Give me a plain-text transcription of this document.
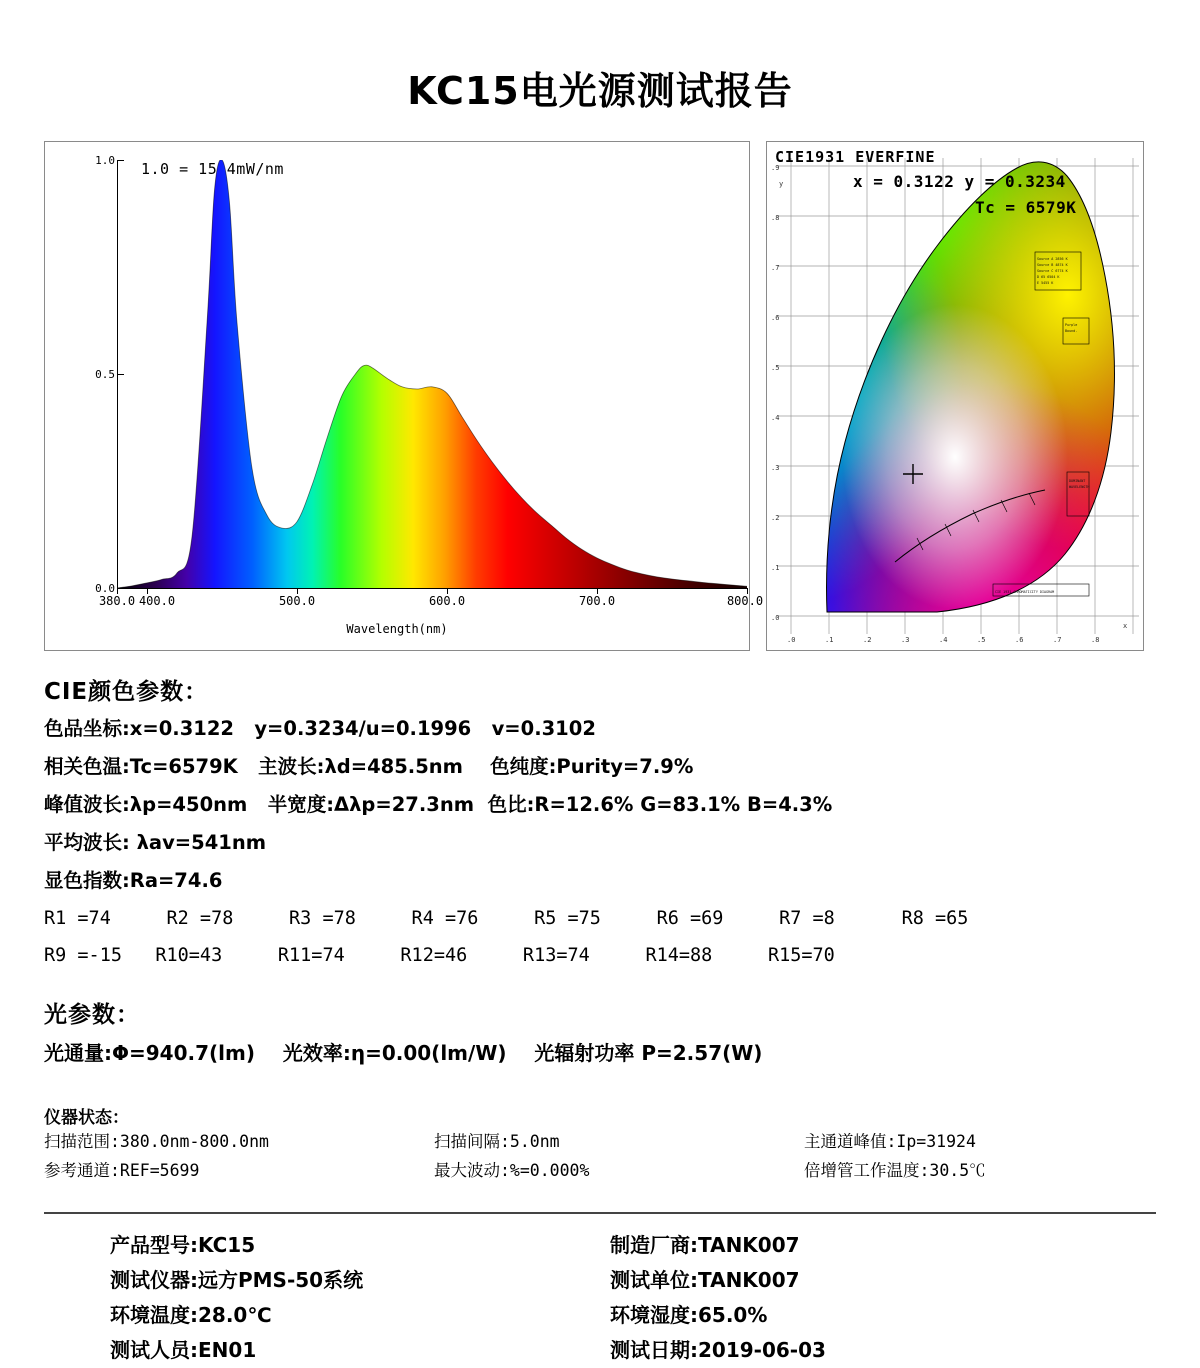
KC15电光源测试报告
1.0 = 15.4mW/nm
1.0
0.5
0.0
380.0 400.0	500.0	600.0	700.0	800.0
Wavelength(nm)
.0	.1	.2	.3	.4	.5	.6	.7	.8
.0
.1
.2
.3
.4
.5
.6
.7
.8
.9
y
x
Source A 2856 K
Source B 4874 K
Source C 6774 K
D 65 6504 K
E 5455 K
Purple
Bound.
DOMINANT
WAVELENGTH
CIE 1931 CHROMATICITY DIAGRAM
CIE1931 EVERFINE
x = 0.3122 y = 0.3234
Tc = 6579K
CIE颜色参数：
色品坐标:x=0.3122   y=0.3234/u=0.1996   v=0.3102
相关色温:Tc=6579K   主波长:λd=485.5nm    色纯度:Purity=7.9%
峰值波长:λp=450nm   半宽度:Δλp=27.3nm  色比:R=12.6% G=83.1% B=4.3%
平均波长: λav=541nm
显色指数:Ra=74.6
R1 =74     R2 =78     R3 =78     R4 =76     R5 =75     R6 =69     R7 =8      R8 =65
R9 =-15   R10=43     R11=74     R12=46     R13=74     R14=88     R15=70
光参数：
光通量:Φ=940.7(lm)    光效率:η=0.00(lm/W)    光辐射功率 P=2.57(W)
仪器状态：
扫描范围:380.0nm-800.0nm	扫描间隔:5.0nm	主通道峰值:Ip=31924
参考通道:REF=5699	最大波动:%=0.000%	倍增管工作温度:30.5℃
产品型号:KC15	制造厂商:TANK007
测试仪器:远方PMS-50系统	测试单位:TANK007
环境温度:28.0℃	环境湿度:65.0%
测试人员:EN01	测试日期:2019-06-03
